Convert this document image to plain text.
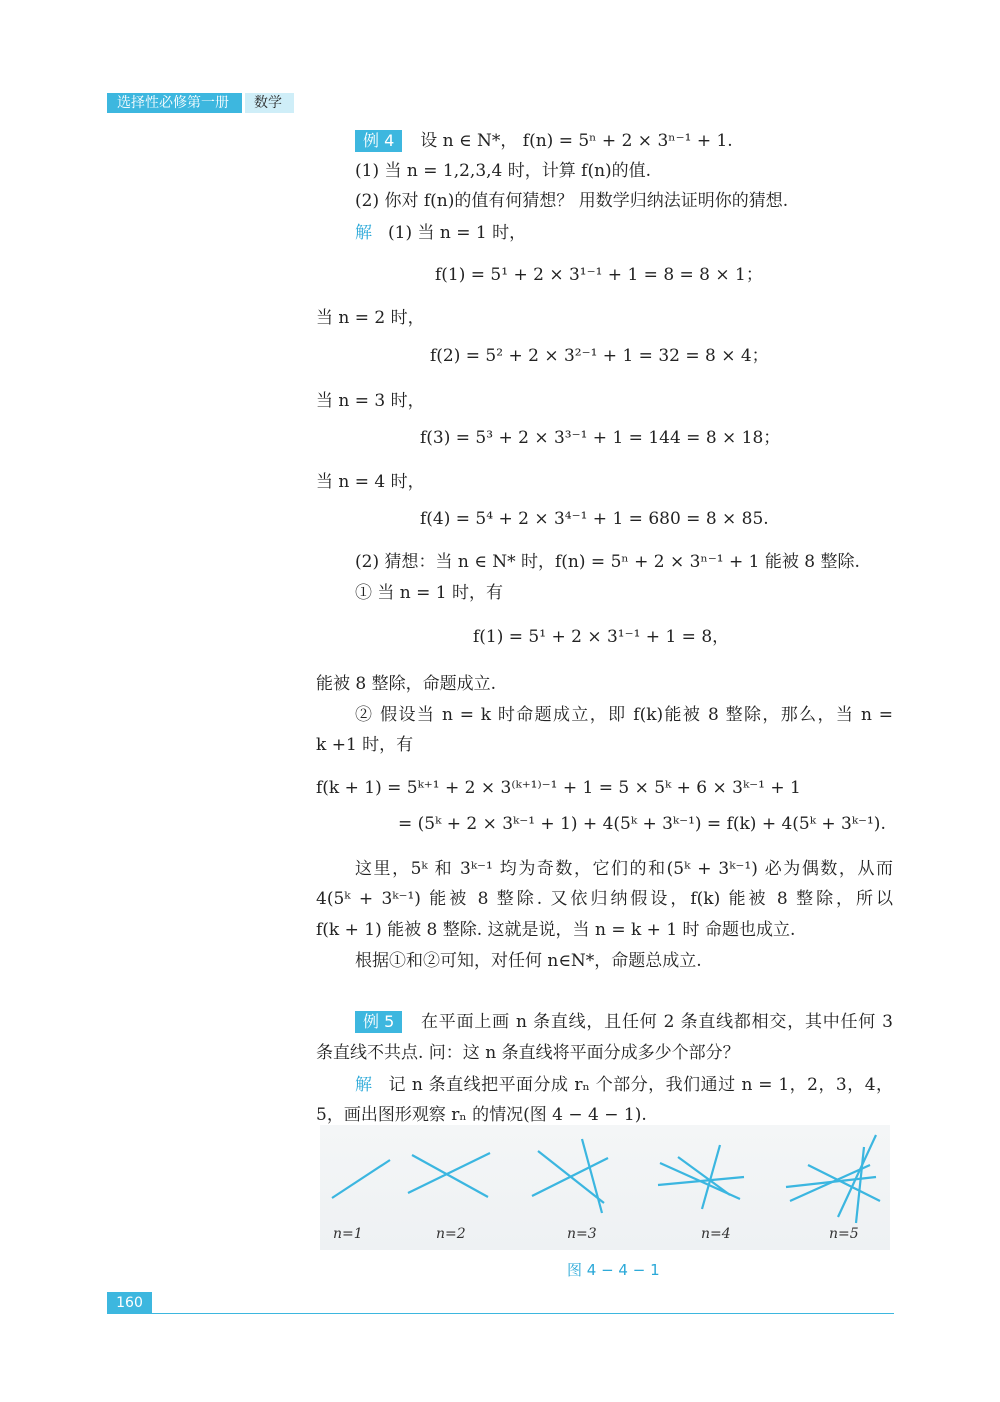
选择性必修第一册	数学
例 4 设 n ∈ N*， f(n) = 5ⁿ + 2 × 3ⁿ⁻¹ + 1.
(1) 当 n = 1,2,3,4 时，计算 f(n)的值.
(2) 你对 f(n)的值有何猜想？ 用数学归纳法证明你的猜想.
解 (1) 当 n = 1 时，
f(1) = 5¹ + 2 × 3¹⁻¹ + 1 = 8 = 8 × 1；
当 n = 2 时，
f(2) = 5² + 2 × 3²⁻¹ + 1 = 32 = 8 × 4；
当 n = 3 时，
f(3) = 5³ + 2 × 3³⁻¹ + 1 = 144 = 8 × 18；
当 n = 4 时，
f(4) = 5⁴ + 2 × 3⁴⁻¹ + 1 = 680 = 8 × 85.
(2) 猜想：当 n ∈ N* 时，f(n) = 5ⁿ + 2 × 3ⁿ⁻¹ + 1 能被 8 整除.
① 当 n = 1 时，有
f(1) = 5¹ + 2 × 3¹⁻¹ + 1 = 8，
能被 8 整除，命题成立.
② 假设当 n = k 时命题成立，即 f(k)能被 8 整除，那么，当 n =
k +1 时，有
f(k + 1) = 5ᵏ⁺¹ + 2 × 3⁽ᵏ⁺¹⁾⁻¹ + 1 = 5 × 5ᵏ + 6 × 3ᵏ⁻¹ + 1
= (5ᵏ + 2 × 3ᵏ⁻¹ + 1) + 4(5ᵏ + 3ᵏ⁻¹) = f(k) + 4(5ᵏ + 3ᵏ⁻¹).
这里，5ᵏ 和 3ᵏ⁻¹ 均为奇数，它们的和(5ᵏ + 3ᵏ⁻¹) 必为偶数，从而
4(5ᵏ + 3ᵏ⁻¹) 能被 8 整除. 又依归纳假设，f(k) 能被 8 整除，所以
f(k + 1) 能被 8 整除. 这就是说，当 n = k + 1 时 命题也成立.
根据①和②可知，对任何 n∈N*，命题总成立.
例 5 在平面上画 n 条直线，且任何 2 条直线都相交，其中任何 3
条直线不共点. 问：这 n 条直线将平面分成多少个部分？
解 记 n 条直线把平面分成 rₙ 个部分，我们通过 n = 1，2，3，4，
5，画出图形观察 rₙ 的情况(图 4 − 4 − 1).
n=1	n=2	n=3	n=4	n=5
图 4 − 4 − 1
160
